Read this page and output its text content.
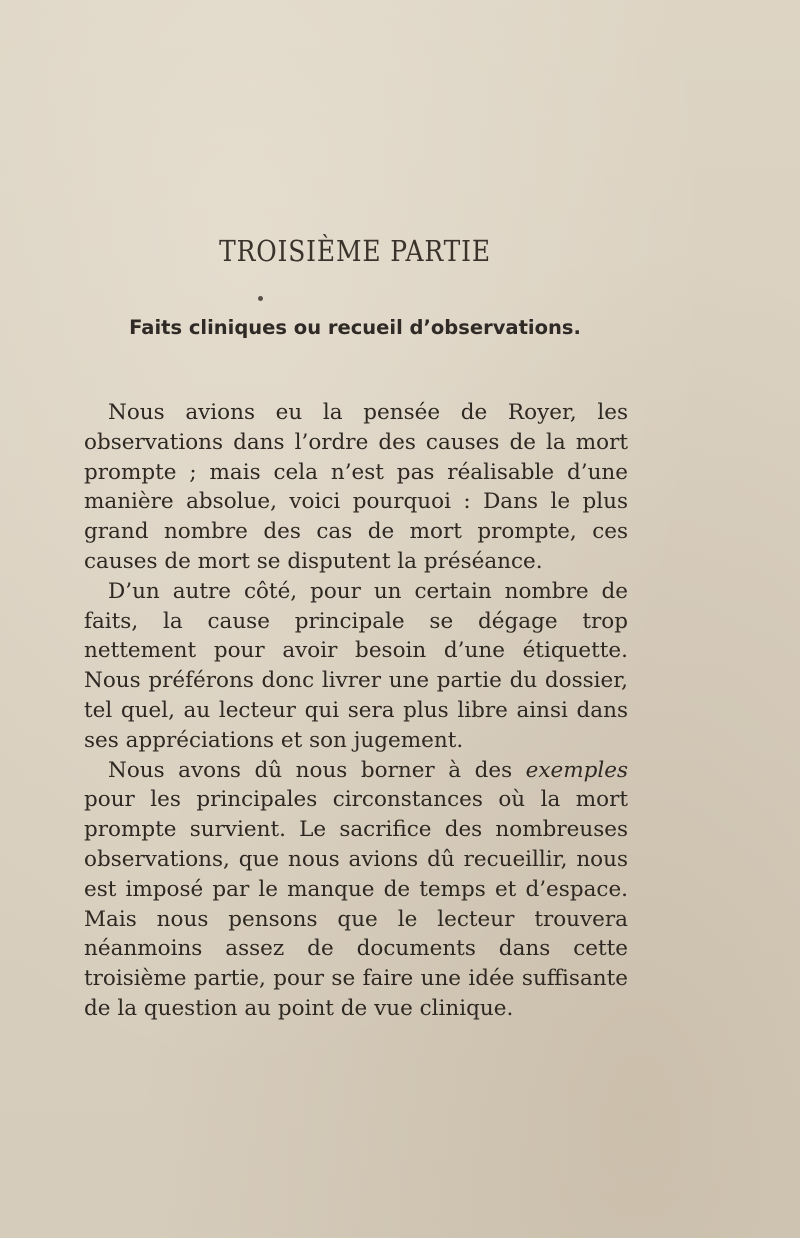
TROISIÈME PARTIE
Faits cliniques ou recueil d’observations.

Nous avions eu la pensée de Royer, les observations dans l’ordre des causes de la mort prompte ; mais cela n’est pas réalisable d’une manière absolue, voici pourquoi : Dans le plus grand nombre des cas de mort prompte, ces causes de mort se disputent la préséance.

D’un autre côté, pour un certain nombre de faits, la cause principale se dégage trop nettement pour avoir besoin d’une étiquette. Nous préférons donc livrer une partie du dossier, tel quel, au lecteur qui sera plus libre ainsi dans ses appréciations et son jugement.

Nous avons dû nous borner à des exemples pour les principales circonstances où la mort prompte survient. Le sacrifice des nombreuses observations, que nous avions dû recueillir, nous est imposé par le manque de temps et d’espace. Mais nous pensons que le lecteur trouvera néanmoins assez de documents dans cette troisième partie, pour se faire une idée suffisante de la question au point de vue clinique.
